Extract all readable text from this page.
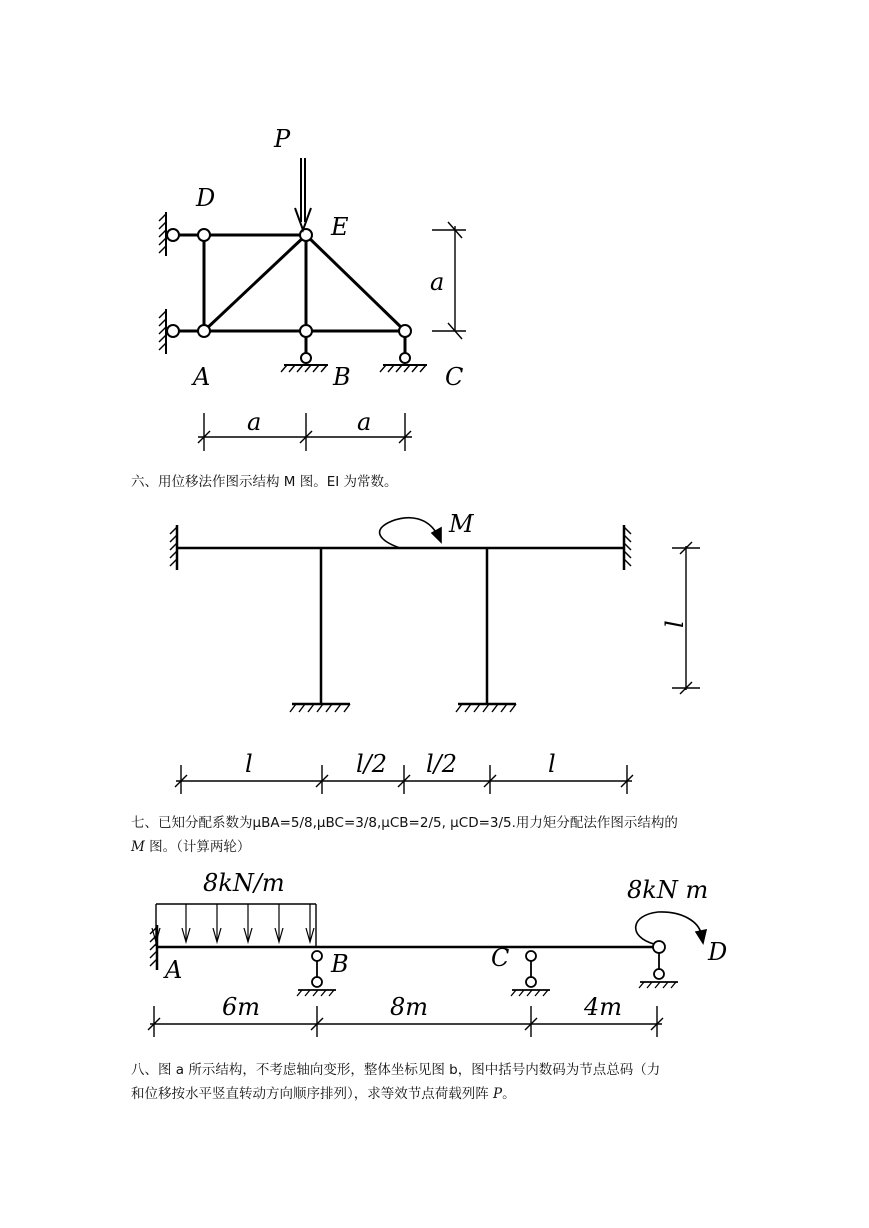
P
D
E
A	B	C
a
a	a
六、用位移法作图示结构 M 图。EI 为常数。
M
l
l	l/2 l/2	l
七、已知分配系数为μBA=5/8,μBC=3/8,μCB=2/5, μCD=3/5.用力矩分配法作图示结构的
M 图。（计算两轮）
8kN/m	8kN m
A	B	C	D
6m	8m	4m
八、图 a 所示结构，不考虑轴向变形，整体坐标见图 b，图中括号内数码为节点总码（力
和位移按水平竖直转动方向顺序排列），求等效节点荷载列阵 P。
